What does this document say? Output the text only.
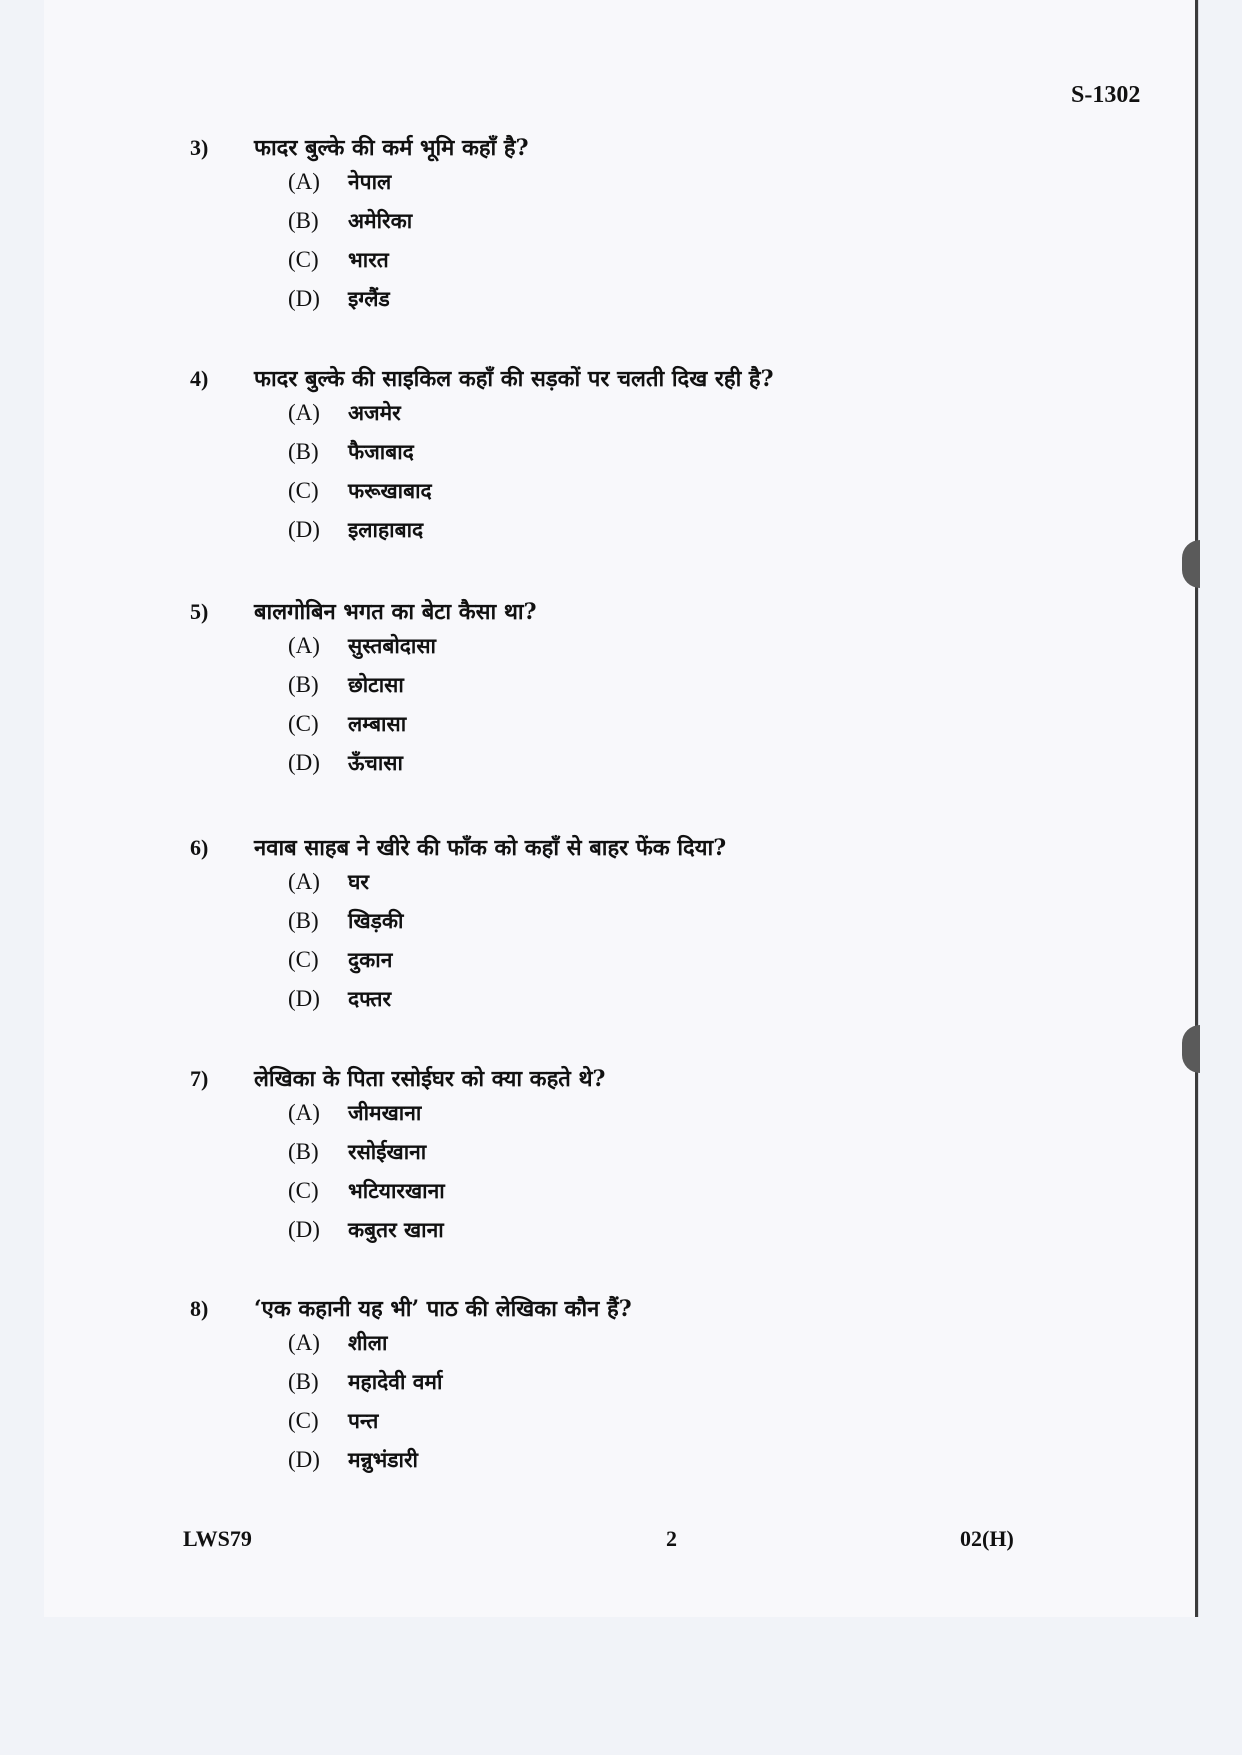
S-1302
3)	फादर बुल्के की कर्म भूमि कहाँ है?
(A)	नेपाल
(B)	अमेरिका
(C)	भारत
(D)	इग्लैंड
4)	फादर बुल्के की साइकिल कहाँ की सड़कों पर चलती दिख रही है?
(A)	अजमेर
(B)	फैजाबाद
(C)	फरूखाबाद
(D)	इलाहाबाद
5)	बालगोबिन भगत का बेटा कैसा था?
(A)	सुस्तबोदासा
(B)	छोटासा
(C)	लम्बासा
(D)	ऊँचासा
6)	नवाब साहब ने खीरे की फाँक को कहाँ से बाहर फेंक दिया?
(A)	घर
(B)	खिड़की
(C)	दुकान
(D)	दफ्तर
7)	लेखिका के पिता रसोईघर को क्या कहते थे?
(A)	जीमखाना
(B)	रसोईखाना
(C)	भटियारखाना
(D)	कबुतर खाना
8)	‘एक कहानी यह भी’ पाठ की लेखिका कौन हैं?
(A)	शीला
(B)	महादेवी वर्मा
(C)	पन्त
(D)	मन्नुभंडारी
LWS79	2	02(H)
